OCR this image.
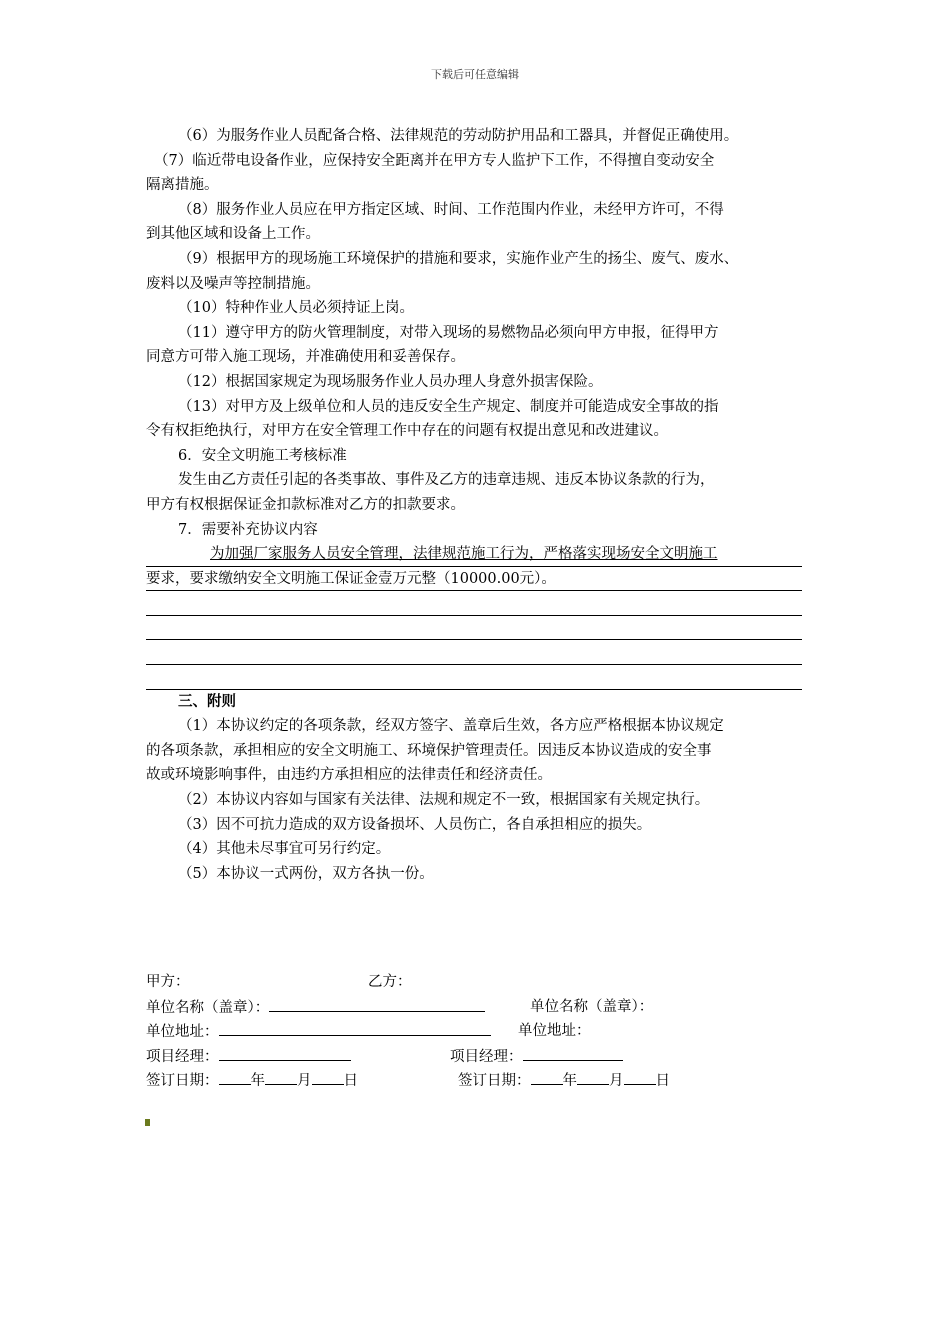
下载后可任意编辑
（6）为服务作业人员配备合格、法律规范的劳动防护用品和工器具，并督促正确使用。
（7）临近带电设备作业，应保持安全距离并在甲方专人监护下工作，不得擅自变动安全
隔离措施。
（8）服务作业人员应在甲方指定区域、时间、工作范围内作业，未经甲方许可，不得
到其他区域和设备上工作。
（9）根据甲方的现场施工环境保护的措施和要求，实施作业产生的扬尘、废气、废水、
废料以及噪声等控制措施。
（10）特种作业人员必须持证上岗。
（11）遵守甲方的防火管理制度，对带入现场的易燃物品必须向甲方申报，征得甲方
同意方可带入施工现场，并准确使用和妥善保存。
（12）根据国家规定为现场服务作业人员办理人身意外损害保险。
（13）对甲方及上级单位和人员的违反安全生产规定、制度并可能造成安全事故的指
令有权拒绝执行，对甲方在安全管理工作中存在的问题有权提出意见和改进建议。
6．安全文明施工考核标准
发生由乙方责任引起的各类事故、事件及乙方的违章违规、违反本协议条款的行为，
甲方有权根据保证金扣款标准对乙方的扣款要求。
7．需要补充协议内容
为加强厂家服务人员安全管理，法律规范施工行为，严格落实现场安全文明施工
要求，要求缴纳安全文明施工保证金壹万元整（10000.00元）。
三、附则
（1）本协议约定的各项条款，经双方签字、盖章后生效，各方应严格根据本协议规定
的各项条款，承担相应的安全文明施工、环境保护管理责任。因违反本协议造成的安全事
故或环境影响事件，由违约方承担相应的法律责任和经济责任。
（2）本协议内容如与国家有关法律、法规和规定不一致，根据国家有关规定执行。
（3）因不可抗力造成的双方设备损坏、人员伤亡，各自承担相应的损失。
（4）其他未尽事宜可另行约定。
（5）本协议一式两份，双方各执一份。
甲方：	乙方：
单位名称（盖章）：	单位名称（盖章）：
单位地址：	单位地址：
项目经理：	项目经理：
签订日期： 年 月 日	签订日期： 年 月 日
